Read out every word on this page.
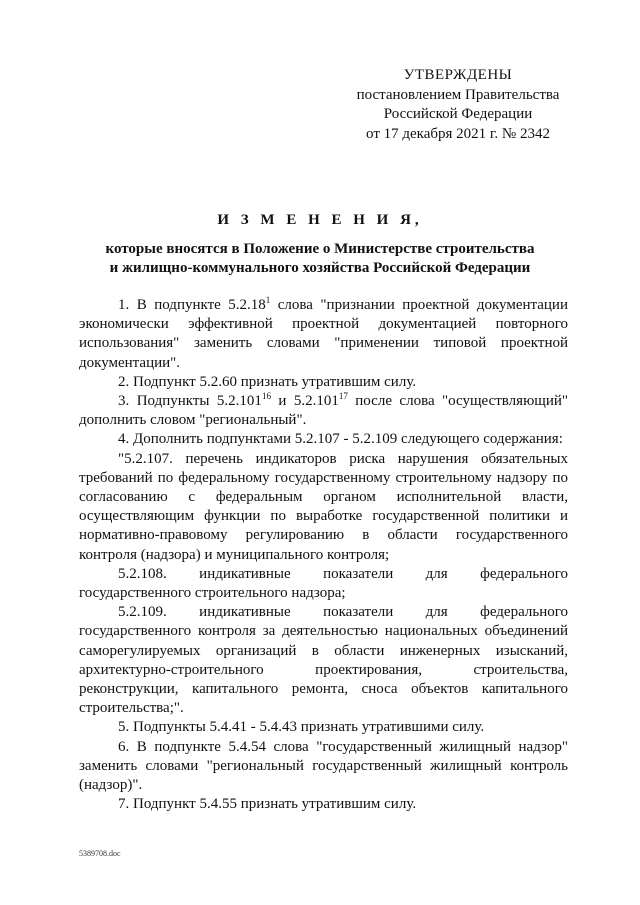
УТВЕРЖДЕНЫ
постановлением Правительства
Российской Федерации
от 17 декабря 2021 г. № 2342
И З М Е Н Е Н И Я,
которые вносятся в Положение о Министерстве строительства
и жилищно-коммунального хозяйства Российской Федерации

1. В подпункте 5.2.18$^1$ слова "признании проектной документации экономически эффективной проектной документацией повторного использования" заменить словами "применении типовой проектной документации".

2. Подпункт 5.2.60 признать утратившим силу.

3. Подпункты 5.2.101$^{16}$ и 5.2.101$^{17}$ после слова "осуществляющий" дополнить словом "региональный".

4. Дополнить подпунктами 5.2.107 - 5.2.109 следующего содержания:

"5.2.107. перечень индикаторов риска нарушения обязательных требований по федеральному государственному строительному надзору по согласованию с федеральным органом исполнительной власти, осуществляющим функции по выработке государственной политики и нормативно-правовому регулированию в области государственного контроля (надзора) и муниципального контроля;

5.2.108. индикативные показатели для федерального государственного строительного надзора;

5.2.109. индикативные показатели для федерального государственного контроля за деятельностью национальных объединений саморегулируемых организаций в области инженерных изысканий, архитектурно-строительного проектирования, строительства, реконструкции, капитального ремонта, сноса объектов капитального строительства;".

5. Подпункты 5.4.41 - 5.4.43 признать утратившими силу.

6. В подпункте 5.4.54 слова "государственный жилищный надзор" заменить словами "региональный государственный жилищный контроль (надзор)".

7. Подпункт 5.4.55 признать утратившим силу.

5389708.doc
